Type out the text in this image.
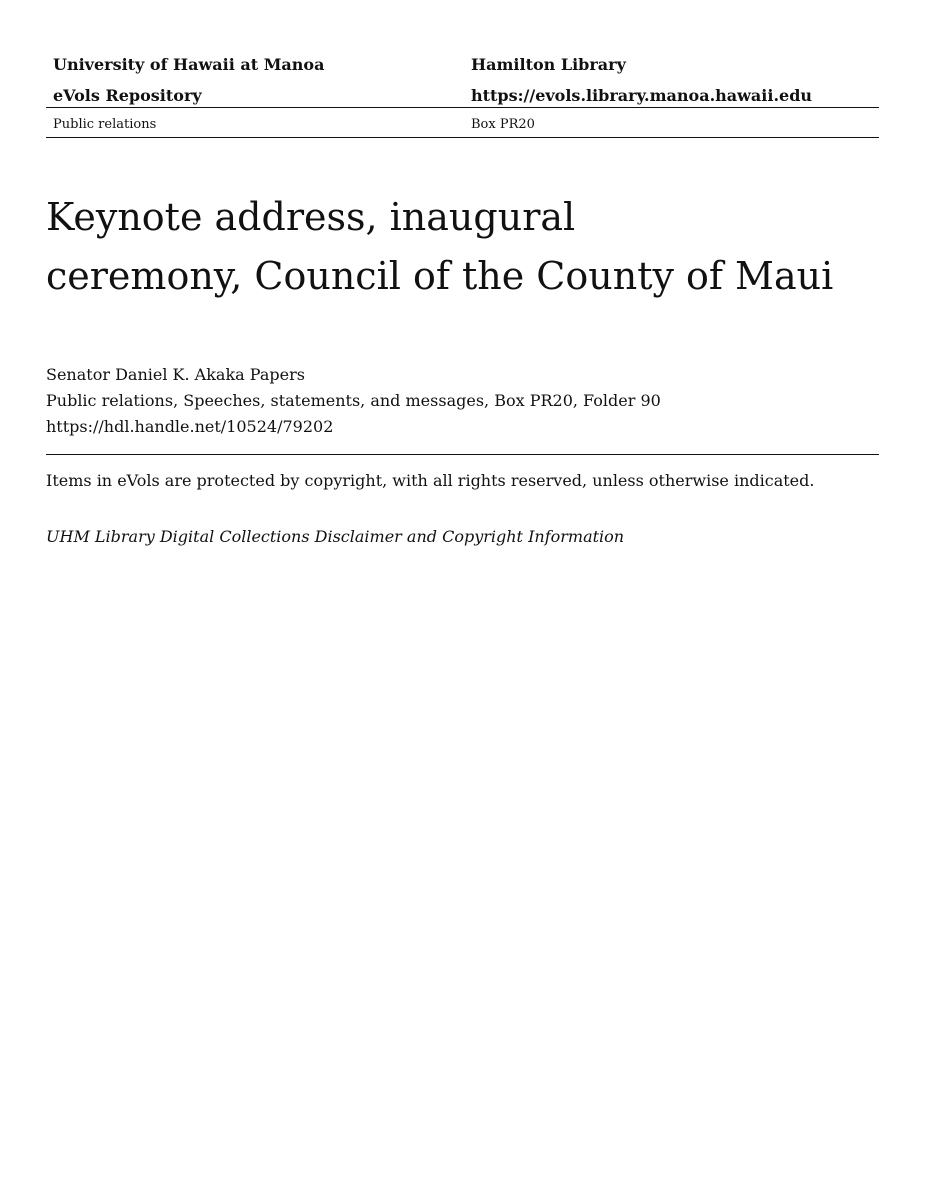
University of Hawaii at Manoa	Hamilton Library
eVols Repository	https://evols.library.manoa.hawaii.edu
Public relations	Box PR20
Keynote address, inaugural
ceremony, Council of the County of Maui
Senator Daniel K. Akaka Papers
Public relations, Speeches, statements, and messages, Box PR20, Folder 90
https://hdl.handle.net/10524/79202
Items in eVols are protected by copyright, with all rights reserved, unless otherwise indicated.
UHM Library Digital Collections Disclaimer and Copyright Information
